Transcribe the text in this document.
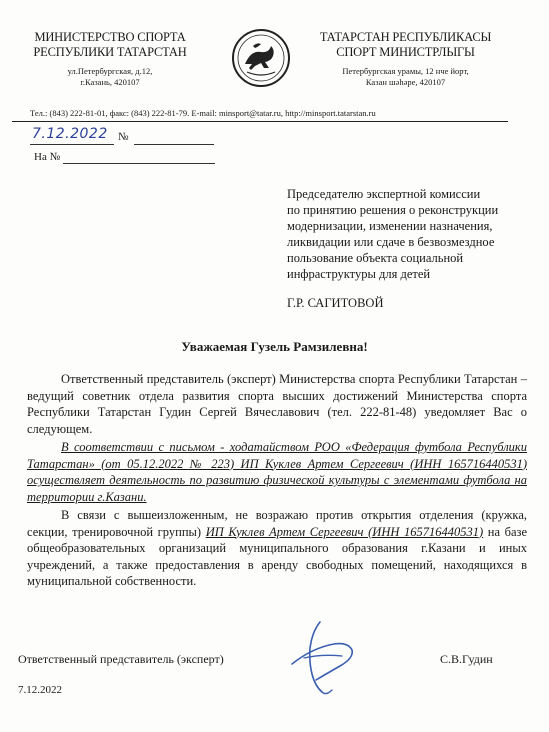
МИНИСТЕРСТВО СПОРТА
РЕСПУБЛИКИ ТАТАРСТАН
ул.Петербургская, д.12,
г.Казань, 420107
ТАТАРСТАН РЕСПУБЛИКАСЫ
СПОРТ МИНИСТРЛЫГЫ
Петербургская урамы, 12 нче йорт,
Казан шәһәре, 420107
Тел.: (843) 222-81-01, факс: (843) 222-81-79. E-mail: minsport@tatar.ru, http://minsport.tatarstan.ru
7.12.2022 №
На №
Председателю экспертной комиссии
по принятию решения о реконструкции
модернизации, изменении назначения,
ликвидации или сдаче в безвозмездное
пользование объекта социальной
инфраструктуры для детей
Г.Р. САГИТОВОЙ
Уважаемая Гузель Рамзилевна!

Ответственный представитель (эксперт) Министерства спорта Республики Татарстан – ведущий советник отдела развития спорта высших достижений Министерства спорта Республики Татарстан Гудин Сергей Вячеславович (тел. 222-81-48) уведомляет Вас о следующем.

В соответствии с письмом - ходатайством РОО «Федерация футбола Республики Татарстан» (от 05.12.2022 № 223) ИП Куклев Артем Сергеевич (ИНН 165716440531) осуществляет деятельность по развитию физической культуры с элементами футбола на территории г.Казани.

В связи с вышеизложенным, не возражаю против открытия отделения (кружка, секции, тренировочной группы) ИП Куклев Артем Сергеевич (ИНН 165716440531) на базе общеобразовательных организаций муниципального образования г.Казани и иных учреждений, а также предоставления в аренду свободных помещений, находящихся в муниципальной собственности.

Ответственный представитель (эксперт)	С.В.Гудин
7.12.2022
